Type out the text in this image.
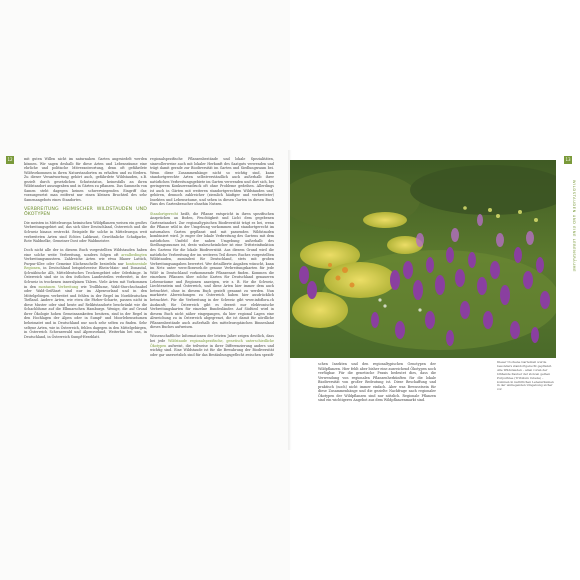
12	mit guten Willen nicht im naturnahen Garten angesiedelt werden können. Wir sagen deshalb für diese Arten und Lebensräume eine ehrliche und politische Mitverantwortung, denn oft gefährdete Wildvorkommen in ihren Naturstandorten zu erhalten und zu fördern. Zu dieser Verantwortung gehört auch, gefährdete Wildstauden, z.B. gezielt durch gesetzlichen Schutzstatus, keinesfalls an ihren Wildstandort auszugraben und in Gärten zu pflanzen. Das Sammeln von Samen steht dagegen keinen schwerwiegenden Eingriff dar, vorausgesetzt man entfernt nur einen kleinen Bruchteil des sehr Samenangebots eines Standortes.

VERBREITUNG HEIMISCHER WILDSTAUDEN UND ÖKOTYPEN

Die meisten in Mitteleuropa heimischen Wildpflanzen weisen ein großes Verbreitungsgebiet auf, das sich über Deutschland, Österreich und die Schweiz hinaus erstreckt. Beispiele für solche in Mitteleuropa weit verbreiteten Arten sind Echtes Labkraut, Gewöhnliche Schafgarbe, Rote Waldnelke, Gemeiner Dost oder Waldmeister.

Doch nicht alle der in diesem Buch vorgestellten Wildstauden haben eine solche weite Verbreitung, sondern folgen oft arealbedingten Verbreitungsmustern. Zahlreiche Arten wie etwa Blauer Lattich, Purpur-Klee oder Gemeine Küchenschelle besiedeln nur kontinentale Regionen, in Deutschland beispielsweise Rhein-Main- und Donautal, Schwäbische Alb, Mitteldeutsches Trockengebiet oder Oderhänge. In Österreich sind sie in den östlichen Landesteilen verbreitet, in der Schweiz in trockenen inneralpinen Tälern. Viele Arten mit Vorkommen in den montanen Verbreitung wie Trollblume, Wald-Storchschnabel oder Wald-Geißbart sind nur im Alpenvorland und in den Mittelgebirgen verbreitet und fehlen in der Regel im Norddeutschen Tiefland. Andere Arten, wie etwa die Färber-Scharte, passen nicht in diese Muster oder sind heute auf Reliktstandorte beschränkt wie die Schachblume auf die Elbmarschen Hamburgs. Wenige, die auf Grund ihrer Ökologie hohen Gemeinsamkeiten besitzen, sind in der Regel in den Hochlagen der Alpen oder in Sumpf- und Moorlebensräumen beheimatet und in Deutschland nur noch sehr selten zu finden. Sehr seltene Arten, wie in Österreich, fehlen dagegen in den Mittelgebirgen, in Österreich Schwarzwald und Alpenvorland, Weiterhin bei uns, in Deutschland, in Österreich Sumpf-Herzblatt.

regionalspezifische Pflanzenbestände und lokale Spezialitäten, sinnvollerweise auch mit lokaler Herkunft des Saatguts verwenden und trägt damit gerade zur Biodiversität im Garten und Siedlungsraum bei. Wenn diese Zusammenhänge nicht so wichtig sind, kann standortgerechte Arten selbstverständlich auch außerhalb ihrer natürlichen Verbreitungsgebiete im Garten verwenden und dort sich, bei geringerem Konkurrenzdruck oft ohne Probleme gedeihen. Allerdings ist auch in Gärten mit weiteren standortgerechten Wildstauden und, gehören, dennoch zahlreicher (ziemlich häufiger und verbreiteter) Insekten und Lebensräume, und sehen in diesen Garten in diesen Buch Fans des Gartenbesucher ohnehin Nutzen.

Standortgerecht heißt, die Pflanze entspricht in ihren spezifischen Ansprüchen an Boden, Feuchtigkeit und Licht dem gegebenen Gartenstandort. Zur regionaltypischen Biodiversität trägt es bei, wenn die Pflanze wild in der Umgebung vorkommen und standortgerecht im naturnahen Garten gepflanzt und mit passenden Wildstauden kombiniert wird. Je enger der lokale Verbreitung des Gartens mit dem natürlichen Umfeld der nahen Umgebung außerhalb des Siedlungsraumes ist, desto wahrscheinlicher ist eine Trittsteinfunktion des Gartens für die lokale Biodiversität. Aus diesem Grund wird die natürliche Verbreitung der im weiteren Teil dieses Buches vorgestellten Wildstauden, zumindest für Deutschland, stets mit groben Verbreitungsangaben bewertet. Wer detaillierte Angaben wünscht, kann im Netz unter www.floraweb.de genaue Verbreitungskarten für jede Wild- in Deutschland vorkommende Pflanzenart finden. Kommen die einzelnen Pflanzen über solche Karten für Deutschland genaueren Lebensräume und Regionen anzeigen, wie z. B. für die Schweiz, Liechtenstein und Österreich, und diese Arten hier immer dem auch betrachtet, ohne in diesem Buch gezielt genannt zu werden. Nun markierte Abweichungen zu Österreich haben hier ausdrücklich betrachtet. Für die Verbreitung in der Schweiz gibt www.infoflora.ch Auskunft; für Österreich gibt es derzeit nur elektronische Verbreitungskarten für einzelne Bundesländer. Auf Südtirol wird in diesem Buch nicht näher eingegangen, da hier regional Lagen eine Abweichung zu in Österreich abgegrenzt, die ist damit für nördliche Pflanzenbestände auch außerhalb des mitteleuropäischen Binnenland dieses Buches aufweisen.

Wissenschaftliche Informationen der letzten Jahre zeigen deutlich, dass bei jede Wildstaude regionalspezifische, genetisch unterschiedliche Ökotypen aufweist, die teilweise in ihrer Differenzierung anders und wichtig sind. Eine Wildstaude ist für die Bewahrung der Biodiversität oder gar unersetzlich sind für das Bestäubungsgeflecht zwischen spezifi-

13
WILDSTAUDEN UND EINE LEBENSRÄUME
Dieser trockene Gartenteil wurde besonders standortgerecht gepflanzt. Alle Wildstauden – allen voran der blühende Zauber der stolzen gelben Purpurklee (Trifolium rubens) – kommen in natürlichen Lebensräumen in der umliegenden Umgebung sicher vor.

schen Insekten und den regionaltypischen Genotypen der Wildpflanzen. Hier fehlt aber bisher eine ausreichend Ökotypen noch verfügbar. Für die genetische Praxis bedeutet dies, dass die Verwendung von regionalen Pflanzenherkünften für die lokale Biodiversität von großer Bedeutung ist. Diese Beschaffung und praktisch (noch) nicht immer einfach. Aber was Bewusstsein für diese Zusammenhänge und die gezielte Nachfrage nach regionaler Ökotypen der Wildpflanzen sind nur nützlich. Regionale Pflanzen sind ein wichtigeres Angebot aus dem Wildpflanzenmarkt sind.
